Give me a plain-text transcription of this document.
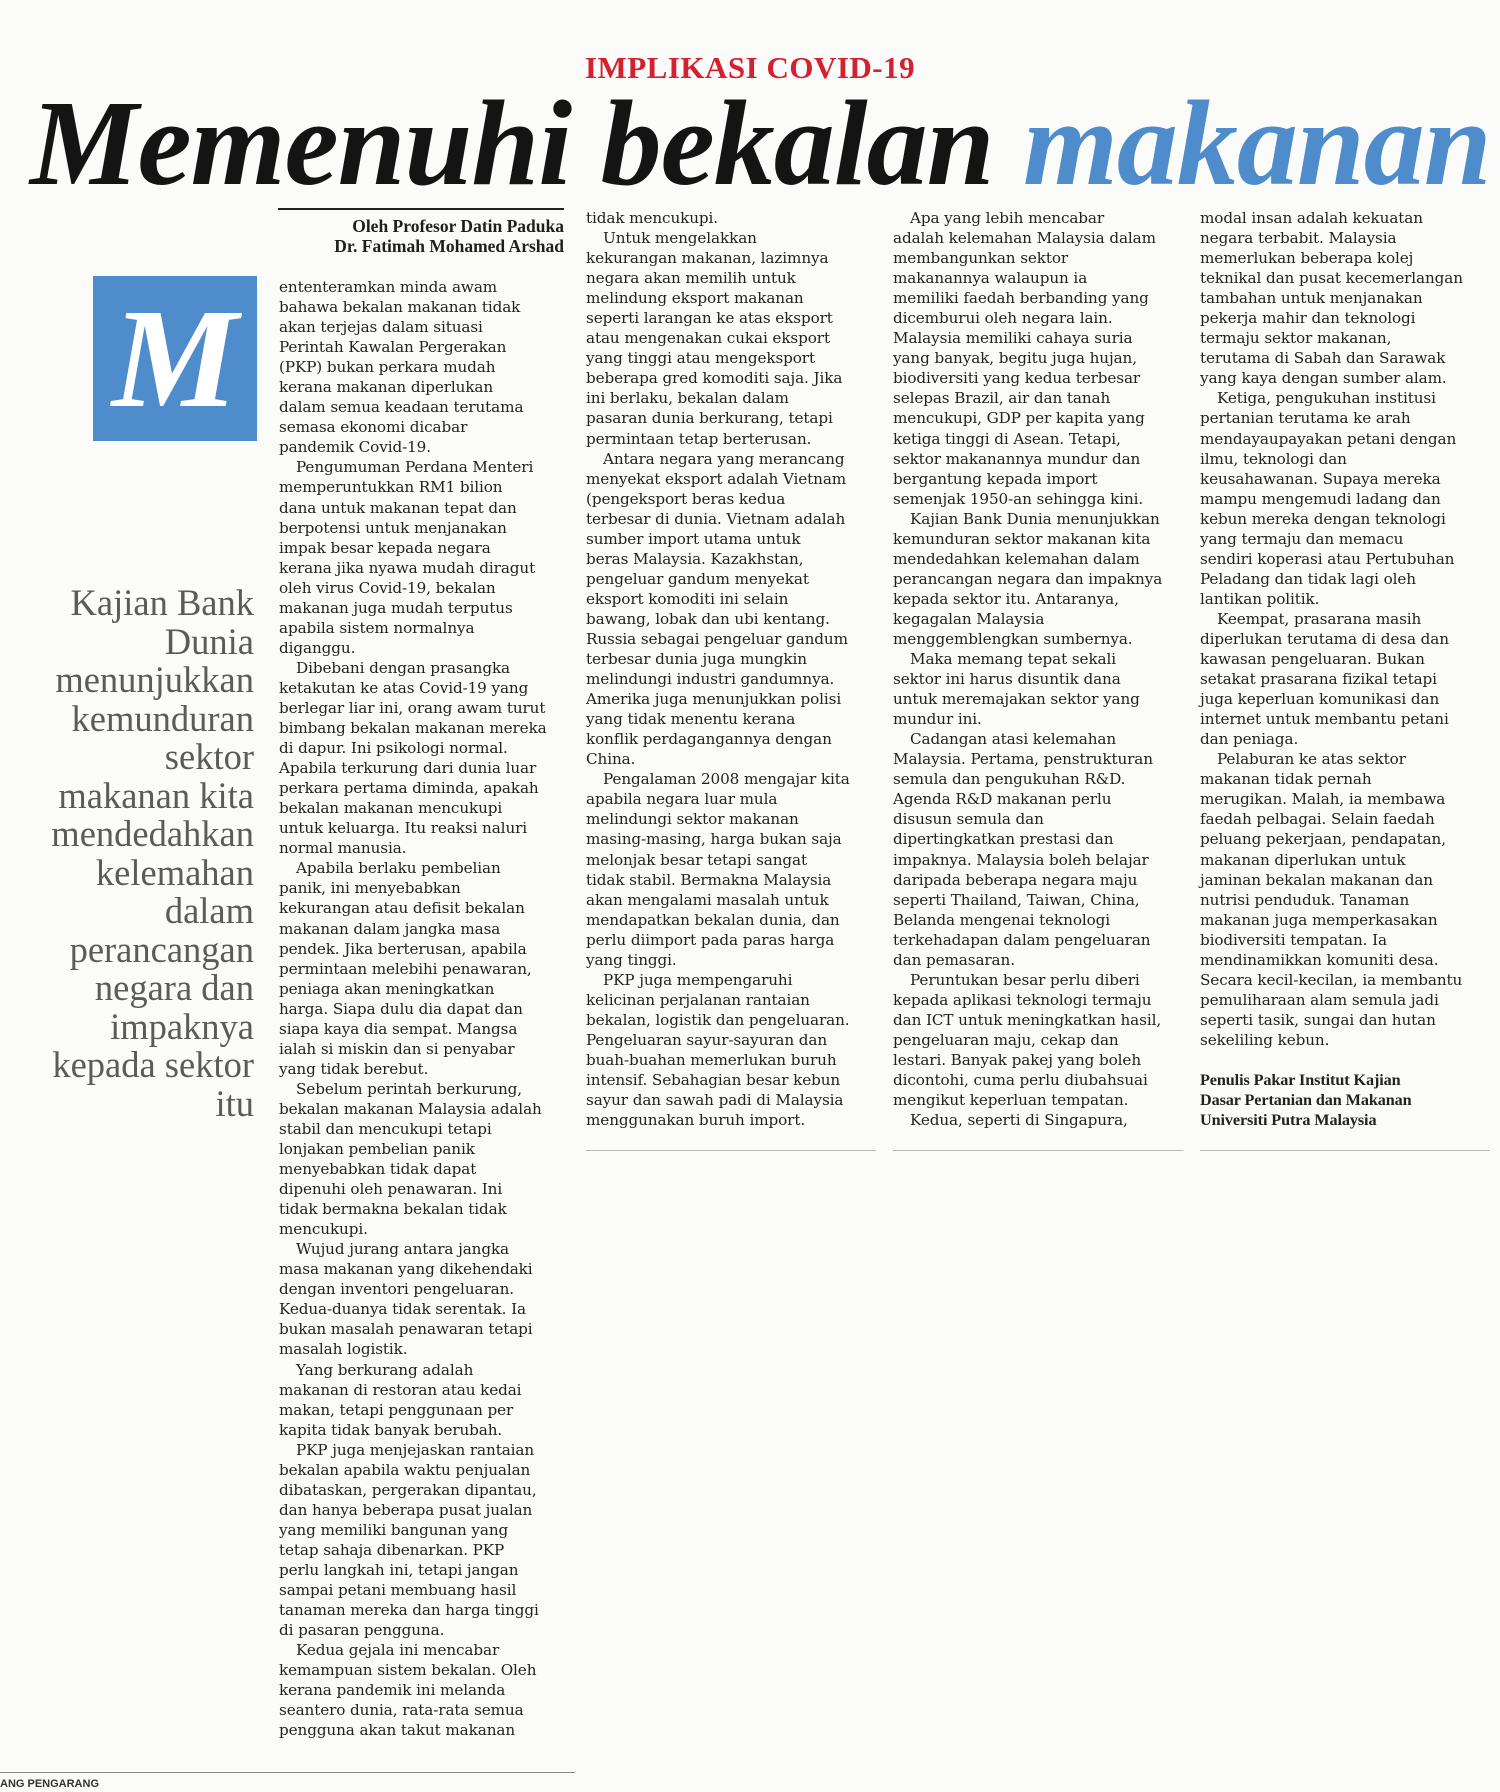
IMPLIKASI COVID-19
Memenuhi bekalan makanan
Oleh Profesor Datin Paduka
Dr. Fatimah Mohamed Arshad
M
Kajian Bank
Dunia
menunjukkan
kemunduran
sektor
makanan kita
mendedahkan
kelemahan
dalam
perancangan
negara dan
impaknya
kepada sektor
itu

ententeramkan minda awam

bahawa bekalan makanan tidak

akan terjejas dalam situasi

Perintah Kawalan Pergerakan

(PKP) bukan perkara mudah

kerana makanan diperlukan

dalam semua keadaan terutama

semasa ekonomi dicabar

pandemik Covid-19.

Pengumuman Perdana Menteri

memperuntukkan RM1 bilion

dana untuk makanan tepat dan

berpotensi untuk menjanakan

impak besar kepada negara

kerana jika nyawa mudah diragut

oleh virus Covid-19, bekalan

makanan juga mudah terputus

apabila sistem normalnya

diganggu.

Dibebani dengan prasangka

ketakutan ke atas Covid-19 yang

berlegar liar ini, orang awam turut

bimbang bekalan makanan mereka

di dapur. Ini psikologi normal.

Apabila terkurung dari dunia luar

perkara pertama diminda, apakah

bekalan makanan mencukupi

untuk keluarga. Itu reaksi naluri

normal manusia.

Apabila berlaku pembelian

panik, ini menyebabkan

kekurangan atau defisit bekalan

makanan dalam jangka masa

pendek. Jika berterusan, apabila

permintaan melebihi penawaran,

peniaga akan meningkatkan

harga. Siapa dulu dia dapat dan

siapa kaya dia sempat. Mangsa

ialah si miskin dan si penyabar

yang tidak berebut.

Sebelum perintah berkurung,

bekalan makanan Malaysia adalah

stabil dan mencukupi tetapi

lonjakan pembelian panik

menyebabkan tidak dapat

dipenuhi oleh penawaran. Ini

tidak bermakna bekalan tidak

mencukupi.

Wujud jurang antara jangka

masa makanan yang dikehendaki

dengan inventori pengeluaran.

Kedua-duanya tidak serentak. Ia

bukan masalah penawaran tetapi

masalah logistik.

Yang berkurang adalah

makanan di restoran atau kedai

makan, tetapi penggunaan per

kapita tidak banyak berubah.

PKP juga menjejaskan rantaian

bekalan apabila waktu penjualan

dibataskan, pergerakan dipantau,

dan hanya beberapa pusat jualan

yang memiliki bangunan yang

tetap sahaja dibenarkan. PKP

perlu langkah ini, tetapi jangan

sampai petani membuang hasil

tanaman mereka dan harga tinggi

di pasaran pengguna.

Kedua gejala ini mencabar

kemampuan sistem bekalan. Oleh

kerana pandemik ini melanda

seantero dunia, rata-rata semua

pengguna akan takut makanan

tidak mencukupi.

Untuk mengelakkan

kekurangan makanan, lazimnya

negara akan memilih untuk

melindung eksport makanan

seperti larangan ke atas eksport

atau mengenakan cukai eksport

yang tinggi atau mengeksport

beberapa gred komoditi saja. Jika

ini berlaku, bekalan dalam

pasaran dunia berkurang, tetapi

permintaan tetap berterusan.

Antara negara yang merancang

menyekat eksport adalah Vietnam

(pengeksport beras kedua

terbesar di dunia. Vietnam adalah

sumber import utama untuk

beras Malaysia. Kazakhstan,

pengeluar gandum menyekat

eksport komoditi ini selain

bawang, lobak dan ubi kentang.

Russia sebagai pengeluar gandum

terbesar dunia juga mungkin

melindungi industri gandumnya.

Amerika juga menunjukkan polisi

yang tidak menentu kerana

konflik perdagangannya dengan

China.

Pengalaman 2008 mengajar kita

apabila negara luar mula

melindungi sektor makanan

masing-masing, harga bukan saja

melonjak besar tetapi sangat

tidak stabil. Bermakna Malaysia

akan mengalami masalah untuk

mendapatkan bekalan dunia, dan

perlu diimport pada paras harga

yang tinggi.

PKP juga mempengaruhi

kelicinan perjalanan rantaian

bekalan, logistik dan pengeluaran.

Pengeluaran sayur-sayuran dan

buah-buahan memerlukan buruh

intensif. Sebahagian besar kebun

sayur dan sawah padi di Malaysia

menggunakan buruh import.

Apa yang lebih mencabar

adalah kelemahan Malaysia dalam

membangunkan sektor

makanannya walaupun ia

memiliki faedah berbanding yang

dicemburui oleh negara lain.

Malaysia memiliki cahaya suria

yang banyak, begitu juga hujan,

biodiversiti yang kedua terbesar

selepas Brazil, air dan tanah

mencukupi, GDP per kapita yang

ketiga tinggi di Asean. Tetapi,

sektor makanannya mundur dan

bergantung kepada import

semenjak 1950-an sehingga kini.

Kajian Bank Dunia menunjukkan

kemunduran sektor makanan kita

mendedahkan kelemahan dalam

perancangan negara dan impaknya

kepada sektor itu. Antaranya,

kegagalan Malaysia

menggemblengkan sumbernya.

Maka memang tepat sekali

sektor ini harus disuntik dana

untuk meremajakan sektor yang

mundur ini.

Cadangan atasi kelemahan

Malaysia. Pertama, penstrukturan

semula dan pengukuhan R&D.

Agenda R&D makanan perlu

disusun semula dan

dipertingkatkan prestasi dan

impaknya. Malaysia boleh belajar

daripada beberapa negara maju

seperti Thailand, Taiwan, China,

Belanda mengenai teknologi

terkehadapan dalam pengeluaran

dan pemasaran.

Peruntukan besar perlu diberi

kepada aplikasi teknologi termaju

dan ICT untuk meningkatkan hasil,

pengeluaran maju, cekap dan

lestari. Banyak pakej yang boleh

dicontohi, cuma perlu diubahsuai

mengikut keperluan tempatan.

Kedua, seperti di Singapura,

modal insan adalah kekuatan

negara terbabit. Malaysia

memerlukan beberapa kolej

teknikal dan pusat kecemerlangan

tambahan untuk menjanakan

pekerja mahir dan teknologi

termaju sektor makanan,

terutama di Sabah dan Sarawak

yang kaya dengan sumber alam.

Ketiga, pengukuhan institusi

pertanian terutama ke arah

mendayaupayakan petani dengan

ilmu, teknologi dan

keusahawanan. Supaya mereka

mampu mengemudi ladang dan

kebun mereka dengan teknologi

yang termaju dan memacu

sendiri koperasi atau Pertubuhan

Peladang dan tidak lagi oleh

lantikan politik.

Keempat, prasarana masih

diperlukan terutama di desa dan

kawasan pengeluaran. Bukan

setakat prasarana fizikal tetapi

juga keperluan komunikasi dan

internet untuk membantu petani

dan peniaga.

Pelaburan ke atas sektor

makanan tidak pernah

merugikan. Malah, ia membawa

faedah pelbagai. Selain faedah

peluang pekerjaan, pendapatan,

makanan diperlukan untuk

jaminan bekalan makanan dan

nutrisi penduduk. Tanaman

makanan juga memperkasakan

biodiversiti tempatan. Ia

mendinamikkan komuniti desa.

Secara kecil-kecilan, ia membantu

pemuliharaan alam semula jadi

seperti tasik, sungai dan hutan

sekeliling kebun.

Penulis Pakar Institut Kajian
Dasar Pertanian dan Makanan
Universiti Putra Malaysia
ANG PENGARANG
